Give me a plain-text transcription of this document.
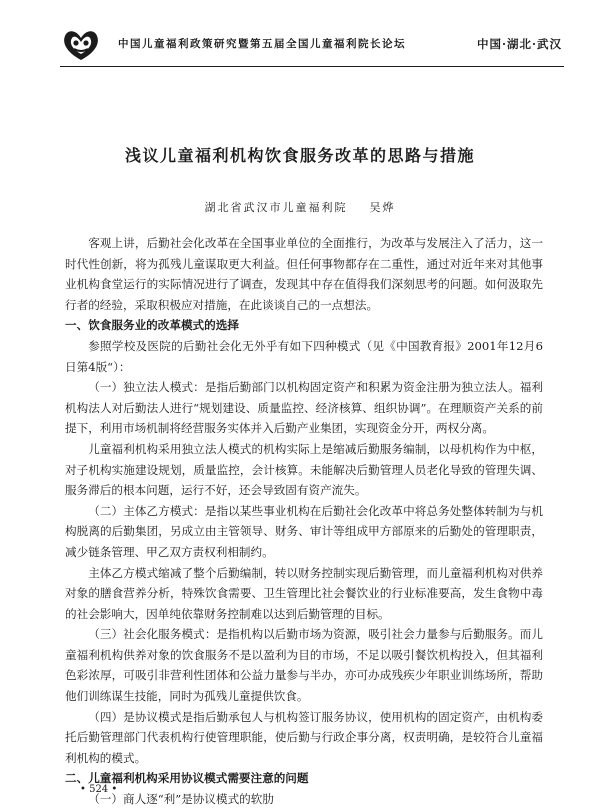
中国儿童福利政策研究暨第五届全国儿童福利院长论坛	中国·湖北·武汉
浅议儿童福利机构饮食服务改革的思路与措施
湖北省武汉市儿童福利院 吴烨

客观上讲，后勤社会化改革在全国事业单位的全面推行，为改革与发展注入了活力，这一时代性创新，将为孤残儿童谋取更大利益。但任何事物都存在二重性，通过对近年来对其他事业机构食堂运行的实际情况进行了调查，发现其中存在值得我们深刻思考的问题。如何汲取先行者的经验，采取积极应对措施，在此谈谈自己的一点想法。

一、饮食服务业的改革模式的选择

参照学校及医院的后勤社会化无外乎有如下四种模式（见《中国教育报》2001年12月6日第4版“）：

（一）独立法人模式：是指后勤部门以机构固定资产和积累为资金注册为独立法人。福利机构法人对后勤法人进行“规划建设、质量监控、经济核算、组织协调”。在理顺资产关系的前提下，利用市场机制将经营服务实体并入后勤产业集团，实现资金分开，两权分离。

儿童福利机构采用独立法人模式的机构实际上是缩减后勤服务编制，以母机构作为中枢，对子机构实施建设规划，质量监控，会计核算。未能解决后勤管理人员老化导致的管理失调、服务滞后的根本问题，运行不好，还会导致固有资产流失。

（二）主体乙方模式：是指以某些事业机构在后勤社会化改革中将总务处整体转制为与机构脱离的后勤集团，另成立由主管领导、财务、审计等组成甲方部原来的后勤处的管理职责，减少链条管理、甲乙双方责权利相制约。

主体乙方模式缩减了整个后勤编制，转以财务控制实现后勤管理，而儿童福利机构对供养对象的膳食营养分析，特殊饮食需要、卫生管理比社会餐饮业的行业标准要高，发生食物中毒的社会影响大，因单纯依靠财务控制难以达到后勤管理的目标。

（三）社会化服务模式：是指机构以后勤市场为资源，吸引社会力量参与后勤服务。而儿童福利机构供养对象的饮食服务不是以盈利为目的市场，不足以吸引餐饮机构投入，但其福利色彩浓厚，可吸引非营利性团体和公益力量参与半办，亦可办成残疾少年职业训练场所，帮助他们训练谋生技能，同时为孤残儿童提供饮食。

（四）是协议模式是指后勤承包人与机构签订服务协议，使用机构的固定资产，由机构委托后勤管理部门代表机构行使管理职能，使后勤与行政企事分离，权责明确，是较符合儿童福利机构的模式。

二、儿童福利机构采用协议模式需要注意的问题

（一）商人逐“利”是协议模式的软肋

• 524 •
